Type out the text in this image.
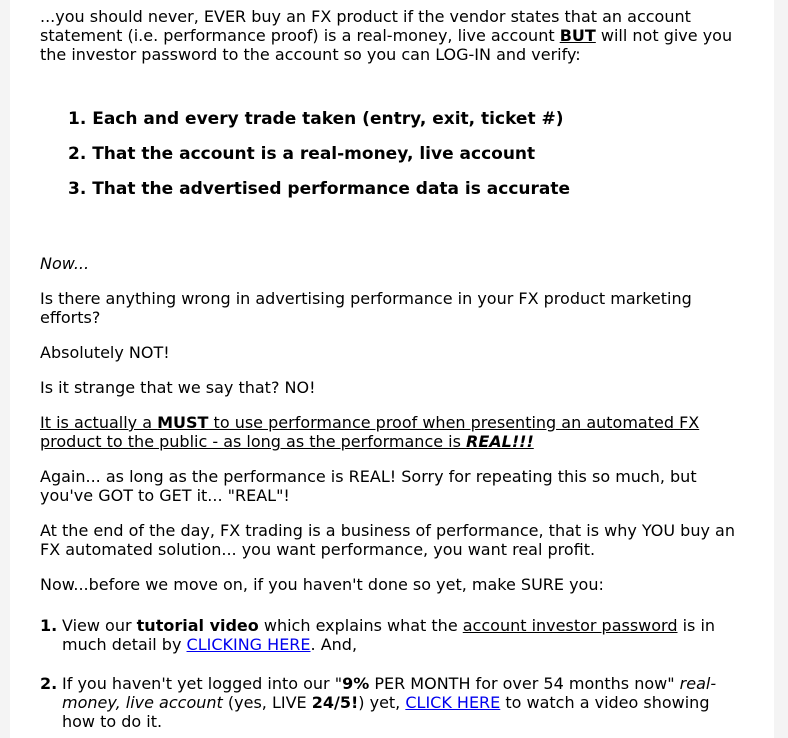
...you should never, EVER buy an FX product if the vendor states that an account statement (i.e. performance proof) is a real-money, live account BUT will not give you the investor password to the account so you can LOG-IN and verify:

1. Each and every trade taken (entry, exit, ticket #)
2. That the account is a real-money, live account
3. That the advertised performance data is accurate

Now...

Is there anything wrong in advertising performance in your FX product marketing efforts?

Absolutely NOT!

Is it strange that we say that? NO!

It is actually a MUST to use performance proof when presenting an automated FX product to the public - as long as the performance is REAL!!!

Again... as long as the performance is REAL! Sorry for repeating this so much, but you've GOT to GET it... "REAL"!

At the end of the day, FX trading is a business of performance, that is why YOU buy an FX automated solution... you want performance, you want real profit.

Now...before we move on, if you haven't done so yet, make SURE you:

1. View our tutorial video which explains what the account investor password is in much detail by CLICKING HERE. And,
2. If you haven't yet logged into our "9% PER MONTH for over 54 months now" real-money, live account (yes, LIVE 24/5!) yet, CLICK HERE to watch a video showing how to do it.
